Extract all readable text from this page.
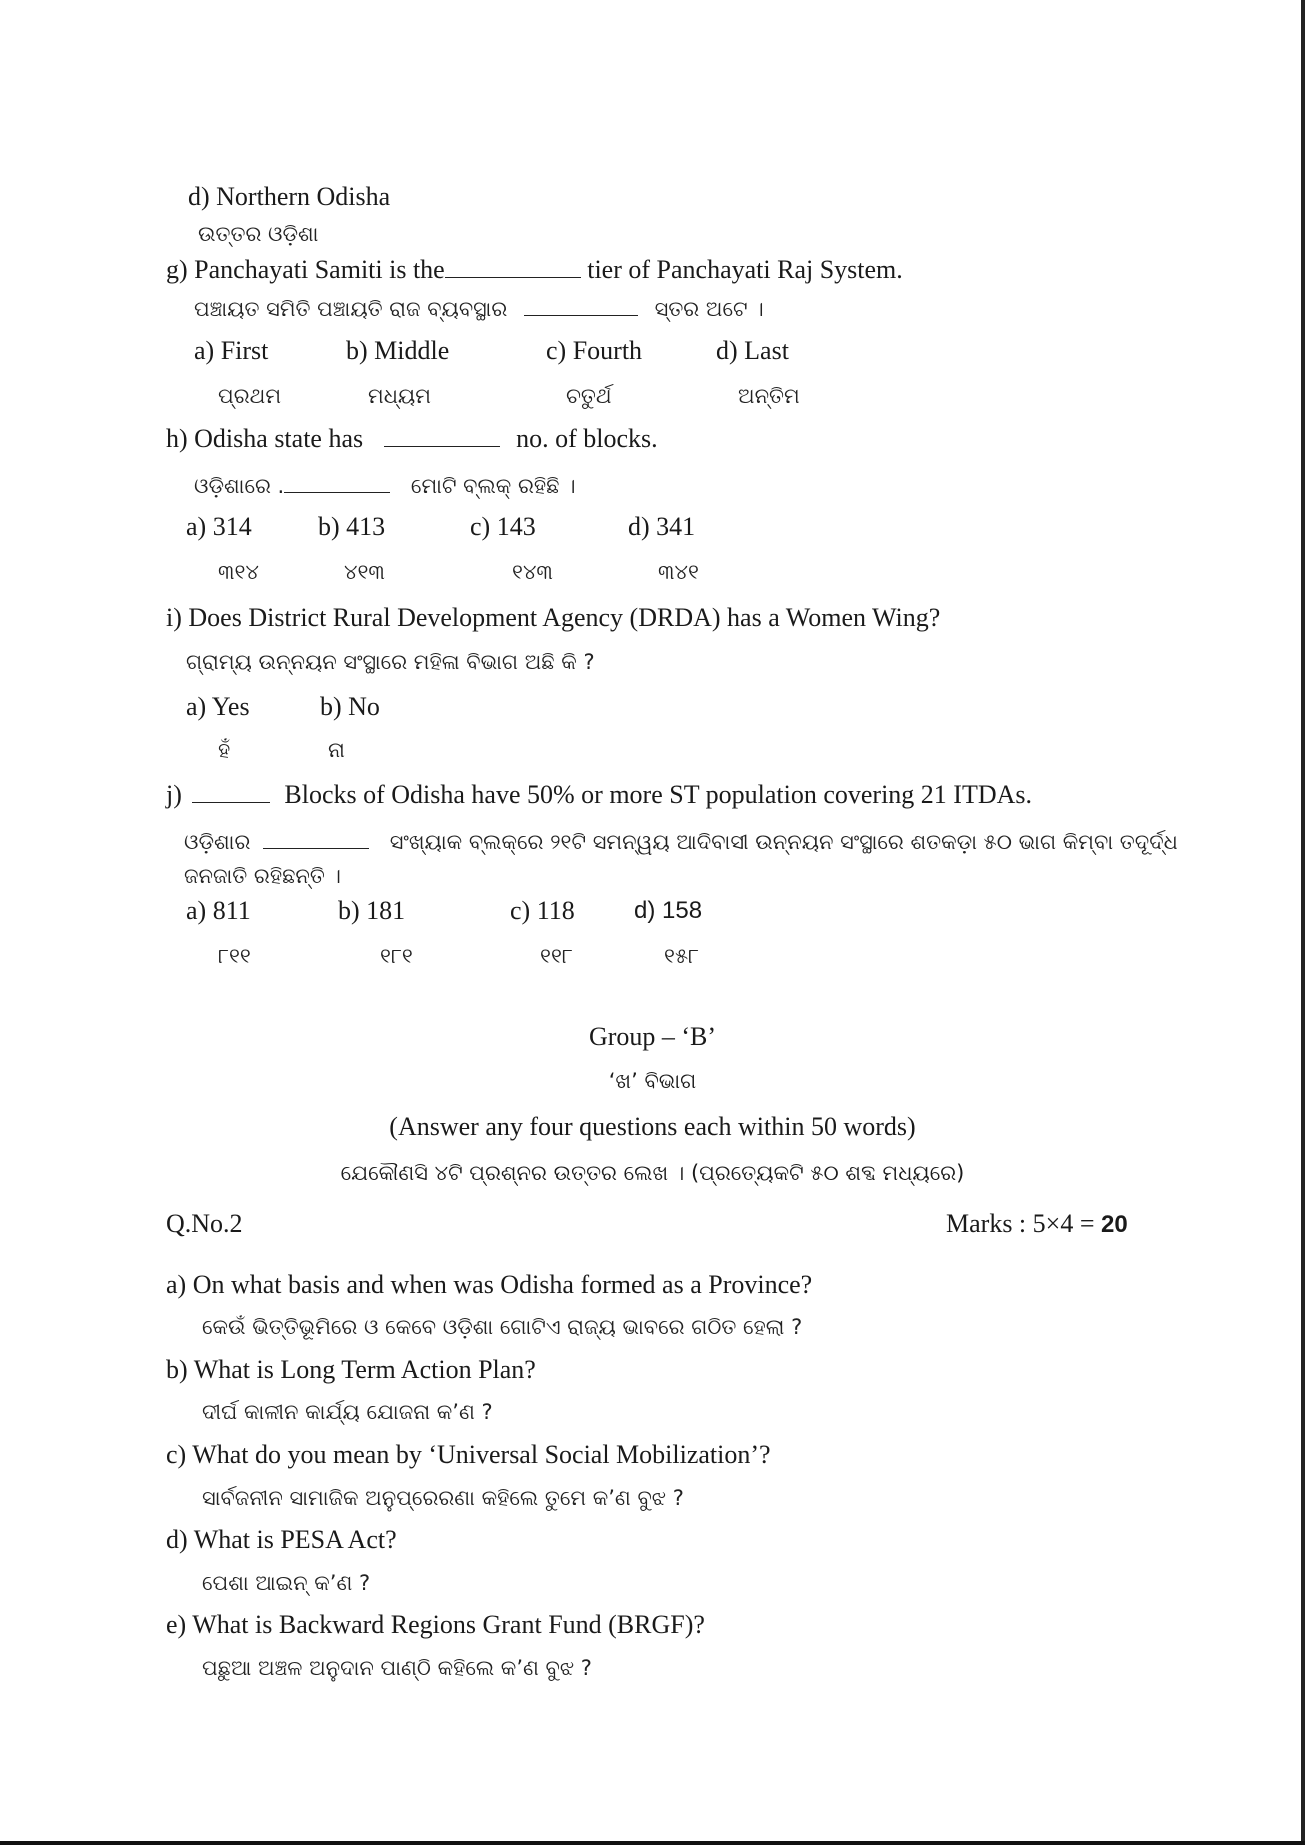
d) Northern Odisha
ଉତ୍ତର ଓଡ଼ିଶା
g) Panchayati Samiti is the	tier of Panchayati Raj System.
ପଞ୍ଚାୟତ ସମିତି ପଞ୍ଚାୟତି ରାଜ ବ୍ୟବସ୍ଥାର	ସ୍ତର ଅଟେ ।
a) First	b) Middle	c) Fourth	d) Last
ପ୍ରଥମ	ମଧ୍ୟମ	ଚତୁର୍ଥ	ଅନ୍ତିମ
h) Odisha state has	no. of blocks.
ଓଡ଼ିଶାରେ .	ମୋଟି ବ୍ଲକ୍ ରହିଛି ।
a) 314	b) 413	c) 143	d) 341
୩୧୪	୪୧୩	୧୪୩	୩୪୧
i) Does District Rural Development Agency (DRDA) has a Women Wing?
ଗ୍ରାମ୍ୟ ଉନ୍ନୟନ ସଂସ୍ଥାରେ ମହିଳା ବିଭାଗ ଅଛି କି ?
a) Yes	b) No
ହଁ	ନା
j)	Blocks of Odisha have 50% or more ST population covering 21 ITDAs.
ଓଡ଼ିଶାର	ସଂଖ୍ୟାକ ବ୍ଲକ୍‌ରେ ୨୧ଟି ସମନ୍ୱୟ ଆଦିବାସୀ ଉନ୍ନୟନ ସଂସ୍ଥାରେ ଶତକଡ଼ା ୫୦ ଭାଗ କିମ୍ବା ତଦୂର୍ଦ୍ଧ
ଜନଜାତି ରହିଛନ୍ତି ।
a) 811	b) 181	c) 118 d) 158
୮୧୧	୧୮୧	୧୧୮	୧୫୮
Group – ‘B’
‘ଖ’ ବିଭାଗ
(Answer any four questions each within 50 words)
ଯେକୌଣସି ୪ଟି ପ୍ରଶ୍ନର ଉତ୍ତର ଲେଖ । (ପ୍ରତ୍ୟେକଟି ୫୦ ଶବ୍ଦ ମଧ୍ୟରେ)
Q.No.2	Marks : 5×4 = 20
a) On what basis and when was Odisha formed as a Province?
କେଉଁ ଭିତ୍ତିଭୂମିରେ ଓ କେବେ ଓଡ଼ିଶା ଗୋଟିଏ ରାଜ୍ୟ ଭାବରେ ଗଠିତ ହେଲା ?
b) What is Long Term Action Plan?
ଦୀର୍ଘ କାଳୀନ କାର୍ଯ୍ୟ ଯୋଜନା କ’ଣ ?
c) What do you mean by ‘Universal Social Mobilization’?
ସାର୍ବଜନୀନ ସାମାଜିକ ଅନୁପ୍ରେରଣା କହିଲେ ତୁମେ କ’ଣ ବୁଝ ?
d) What is PESA Act?
ପେଶା ଆଇନ୍ କ’ଣ ?
e) What is Backward Regions Grant Fund (BRGF)?
ପଛୁଆ ଅଞ୍ଚଳ ଅନୁଦାନ ପାଣ୍ଠି କହିଲେ କ’ଣ ବୁଝ ?
